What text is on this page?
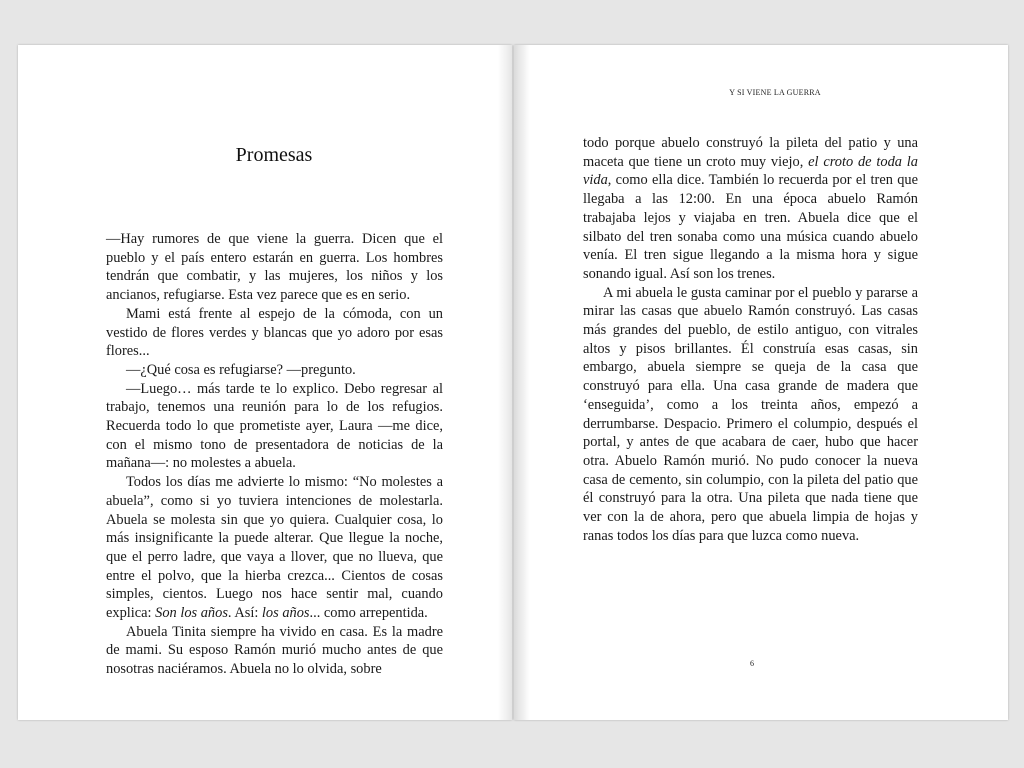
Promesas

—Hay rumores de que viene la guerra. Dicen que el pueblo y el país entero estarán en guerra. Los hombres tendrán que combatir, y las mujeres, los niños y los ancianos, refugiarse. Esta vez parece que es en serio.

Mami está frente al espejo de la cómoda, con un vestido de flores verdes y blancas que yo adoro por esas flores...

—¿Qué cosa es refugiarse? —pregunto.

—Luego… más tarde te lo explico. Debo regresar al trabajo, tenemos una reunión para lo de los refugios. Recuerda todo lo que prometiste ayer, Laura —me dice, con el mismo tono de presentadora de noticias de la mañana—: no molestes a abuela.

Todos los días me advierte lo mismo: “No molestes a abuela”, como si yo tuviera intenciones de molestarla. Abuela se molesta sin que yo quiera. Cualquier cosa, lo más insignificante la puede alterar. Que llegue la noche, que el perro ladre, que vaya a llover, que no llueva, que entre el polvo, que la hierba crezca... Cientos de cosas simples, cientos. Luego nos hace sentir mal, cuando explica: Son los años. Así: los años... como arrepentida.

Abuela Tinita siempre ha vivido en casa. Es la madre de mami. Su esposo Ramón murió mucho antes de que nosotras naciéramos. Abuela no lo olvida, sobre

Y SI VIENE LA GUERRA

todo porque abuelo construyó la pileta del patio y una maceta que tiene un croto muy viejo, el croto de toda la vida, como ella dice. También lo recuerda por el tren que llegaba a las 12:00. En una época abuelo Ramón trabajaba lejos y viajaba en tren. Abuela dice que el silbato del tren sonaba como una música cuando abuelo venía. El tren sigue llegando a la misma hora y sigue sonando igual. Así son los trenes.

A mi abuela le gusta caminar por el pueblo y pararse a mirar las casas que abuelo Ramón construyó. Las casas más grandes del pueblo, de estilo antiguo, con vitrales altos y pisos brillantes. Él construía esas casas, sin embargo, abuela siempre se queja de la casa que construyó para ella. Una casa grande de madera que ‘enseguida’, como a los treinta años, empezó a derrumbarse. Despacio. Primero el columpio, después el portal, y antes de que acabara de caer, hubo que hacer otra. Abuelo Ramón murió. No pudo conocer la nueva casa de cemento, sin columpio, con la pileta del patio que él construyó para la otra. Una pileta que nada tiene que ver con la de ahora, pero que abuela limpia de hojas y ranas todos los días para que luzca como nueva.

6
